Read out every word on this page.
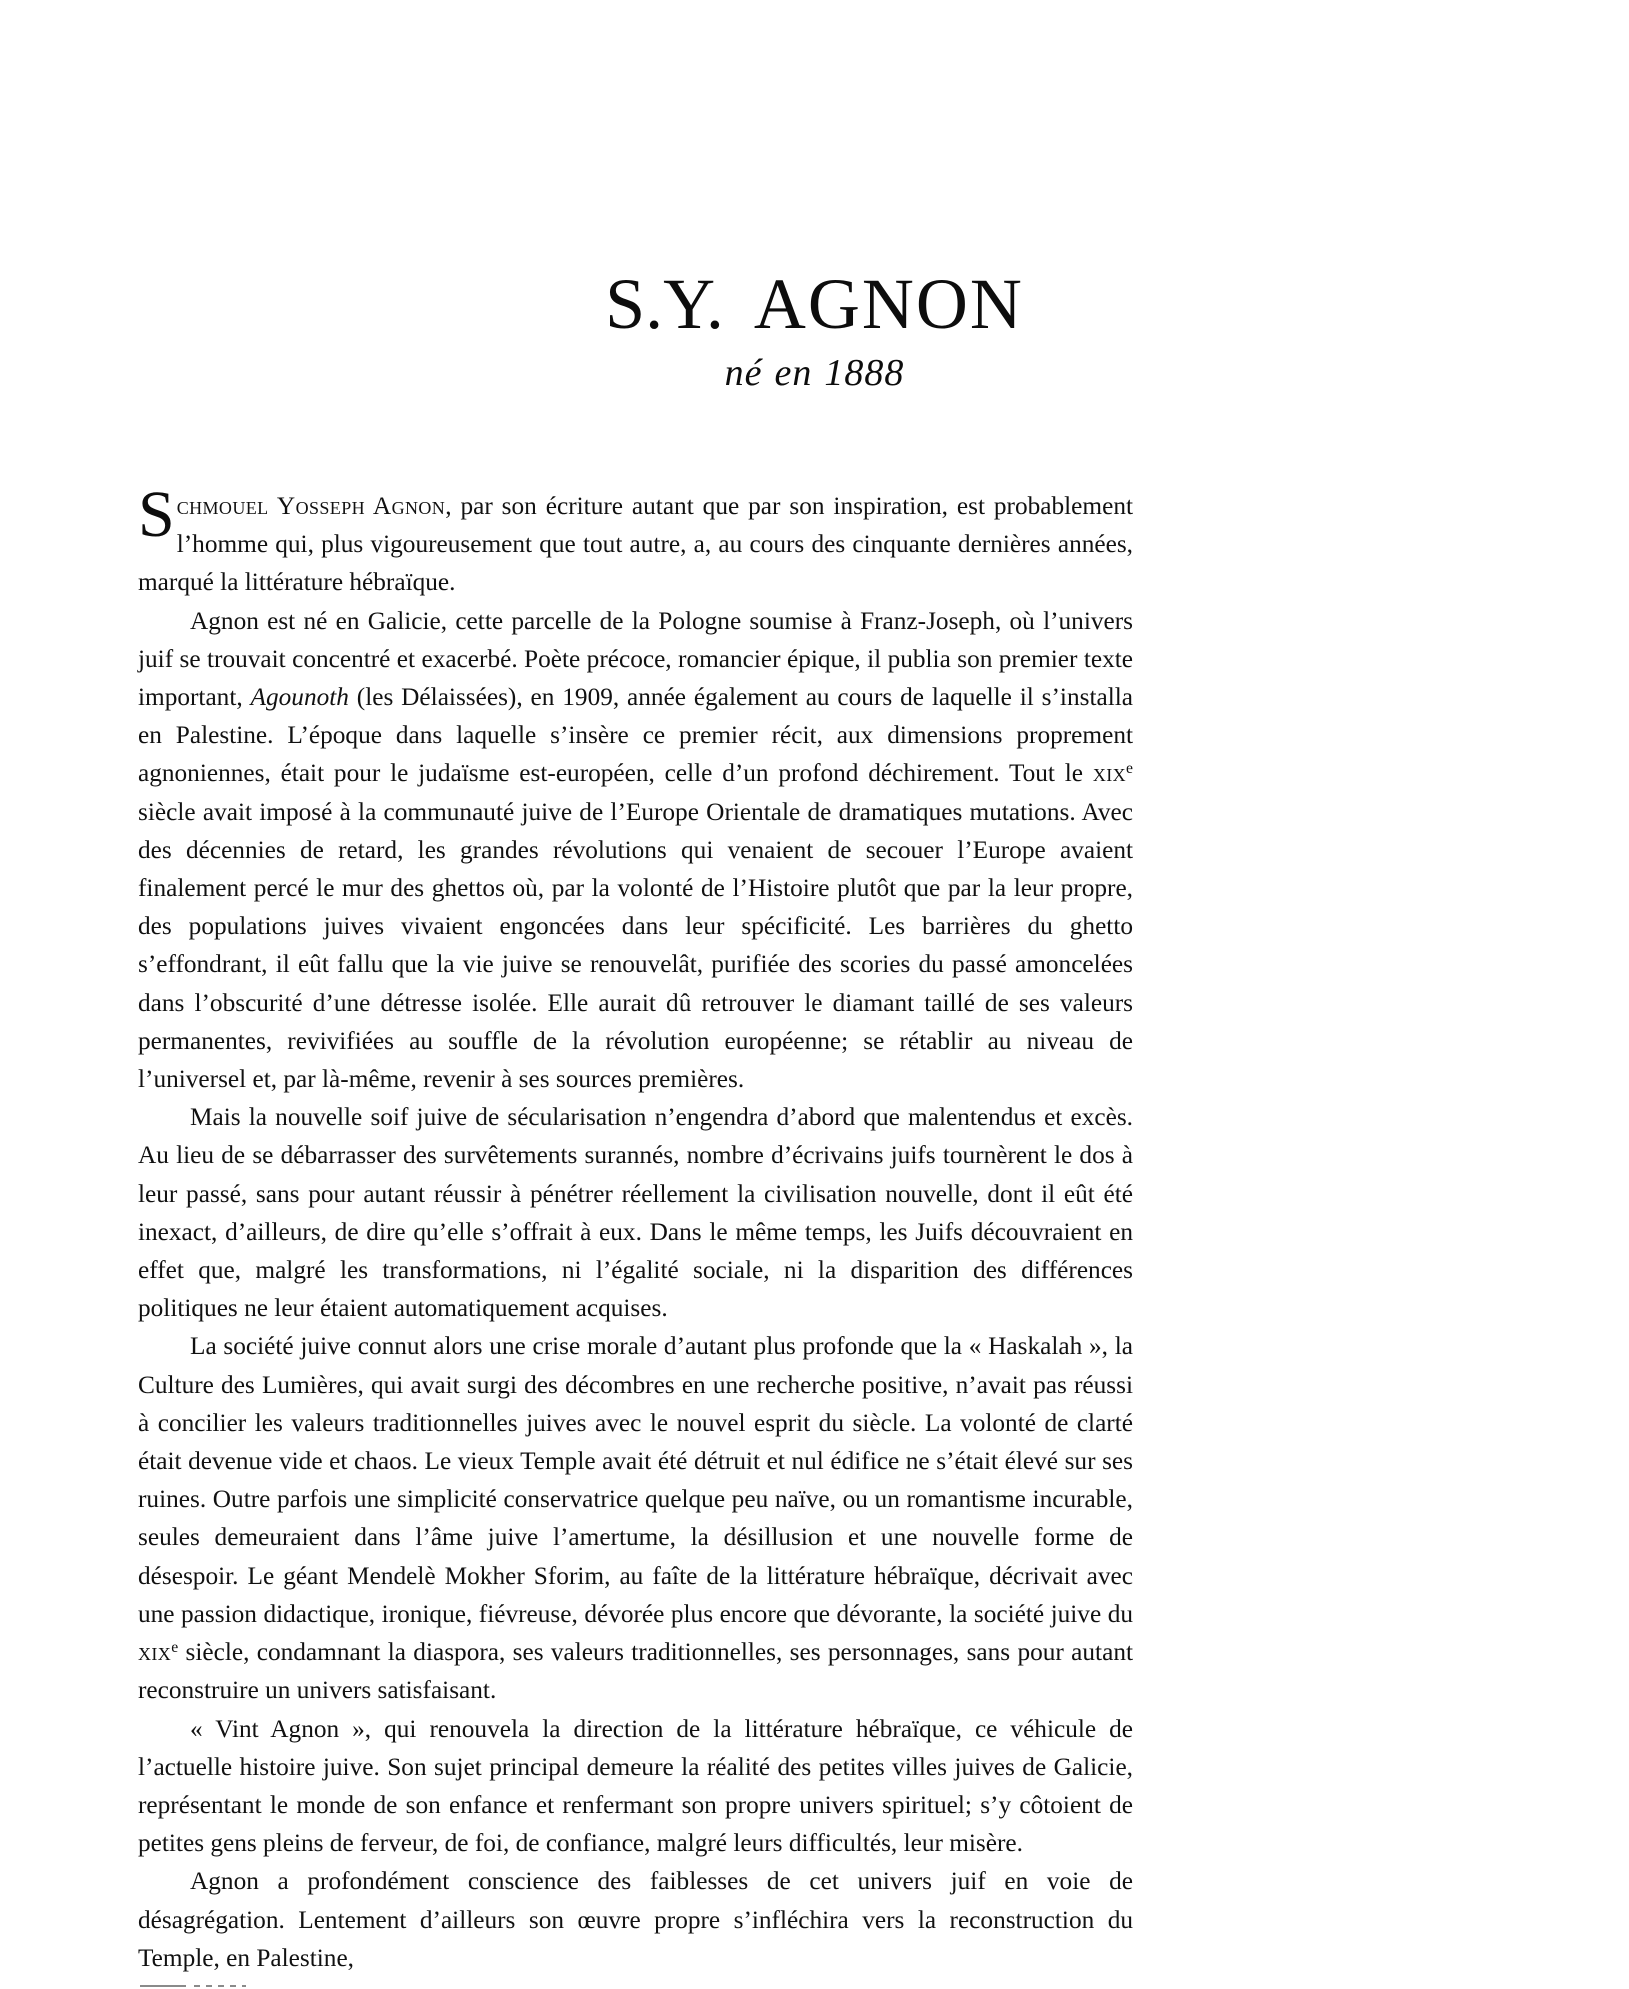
S.Y. AGNON
né en 1888

Schmouel Yosseph Agnon, par son écriture autant que par son inspiration, est probablement l’homme qui, plus vigoureusement que tout autre, a, au cours des cinquante dernières années, marqué la littérature hébraïque.

Agnon est né en Galicie, cette parcelle de la Pologne soumise à Franz-Joseph, où l’univers juif se trouvait concentré et exacerbé. Poète précoce, romancier épique, il publia son premier texte important, Agounoth (les Délaissées), en 1909, année également au cours de laquelle il s’installa en Palestine. L’époque dans laquelle s’insère ce premier récit, aux dimensions proprement agnoniennes, était pour le judaïsme est-européen, celle d’un profond déchirement. Tout le xix$^e$ siècle avait imposé à la communauté juive de l’Europe Orientale de dramatiques mutations. Avec des décennies de retard, les grandes révolutions qui venaient de secouer l’Europe avaient finalement percé le mur des ghettos où, par la volonté de l’Histoire plutôt que par la leur propre, des populations juives vivaient engoncées dans leur spécificité. Les barrières du ghetto s’effondrant, il eût fallu que la vie juive se renouvelât, purifiée des scories du passé amoncelées dans l’obscurité d’une détresse isolée. Elle aurait dû retrouver le diamant taillé de ses valeurs permanentes, revivifiées au souffle de la révolution européenne; se rétablir au niveau de l’universel et, par là-même, revenir à ses sources premières.

Mais la nouvelle soif juive de sécularisation n’engendra d’abord que malentendus et excès. Au lieu de se débarrasser des survêtements surannés, nombre d’écrivains juifs tournèrent le dos à leur passé, sans pour autant réussir à pénétrer réellement la civilisation nouvelle, dont il eût été inexact, d’ailleurs, de dire qu’elle s’offrait à eux. Dans le même temps, les Juifs découvraient en effet que, malgré les transformations, ni l’égalité sociale, ni la disparition des différences politiques ne leur étaient automatiquement acquises.

La société juive connut alors une crise morale d’autant plus profonde que la « Haskalah », la Culture des Lumières, qui avait surgi des décombres en une recherche positive, n’avait pas réussi à concilier les valeurs traditionnelles juives avec le nouvel esprit du siècle. La volonté de clarté était devenue vide et chaos. Le vieux Temple avait été détruit et nul édifice ne s’était élevé sur ses ruines. Outre parfois une simplicité conservatrice quelque peu naïve, ou un romantisme incurable, seules demeuraient dans l’âme juive l’amertume, la désillusion et une nouvelle forme de désespoir. Le géant Mendelè Mokher Sforim, au faîte de la littérature hébraïque, décrivait avec une passion didactique, ironique, fiévreuse, dévorée plus encore que dévorante, la société juive du xix$^e$ siècle, condamnant la diaspora, ses valeurs traditionnelles, ses personnages, sans pour autant reconstruire un univers satisfaisant.

« Vint Agnon », qui renouvela la direction de la littérature hébraïque, ce véhicule de l’actuelle histoire juive. Son sujet principal demeure la réalité des petites villes juives de Galicie, représentant le monde de son enfance et renfermant son propre univers spirituel; s’y côtoient de petites gens pleins de ferveur, de foi, de confiance, malgré leurs difficultés, leur misère.

Agnon a profondément conscience des faiblesses de cet univers juif en voie de désagrégation. Lentement d’ailleurs son œuvre propre s’infléchira vers la reconstruction du Temple, en Palestine,
